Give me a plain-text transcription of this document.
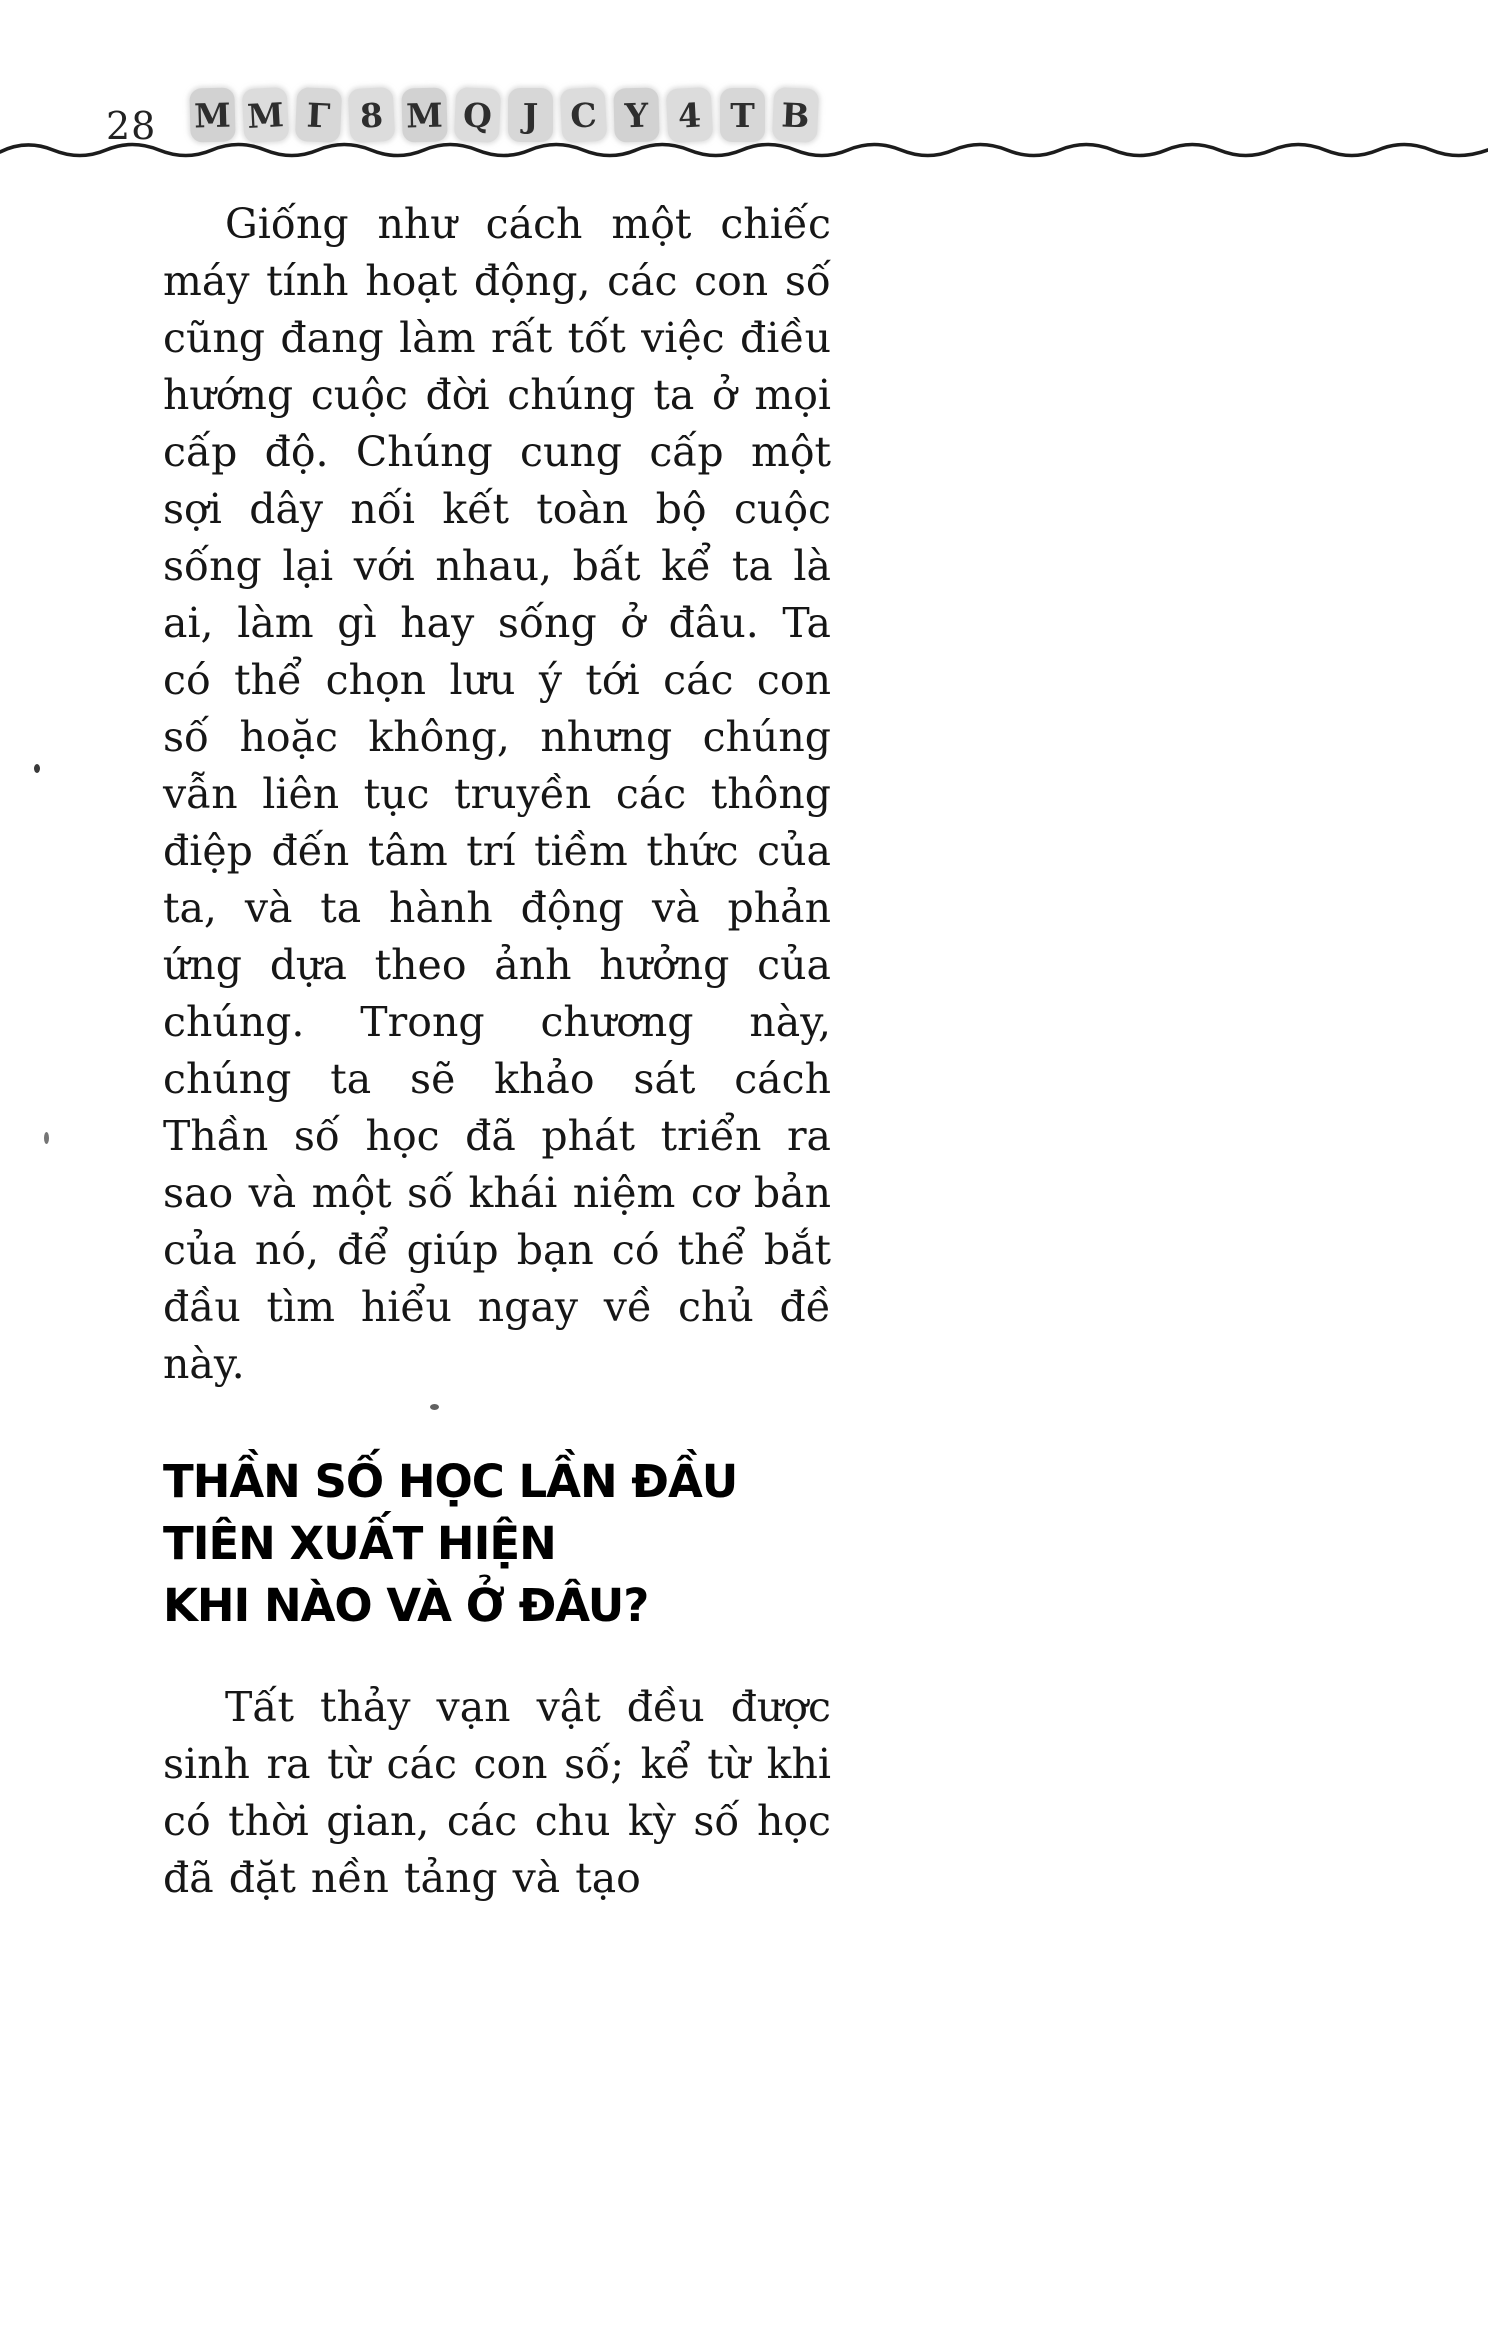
28 M M Γ 8 M Q J C Y 4 T B

Giống như cách một chiếc máy tính hoạt động, các con số cũng đang làm rất tốt việc điều hướng cuộc đời chúng ta ở mọi cấp độ. Chúng cung cấp một sợi dây nối kết toàn bộ cuộc sống lại với nhau, bất kể ta là ai, làm gì hay sống ở đâu. Ta có thể chọn lưu ý tới các con số hoặc không, nhưng chúng vẫn liên tục truyền các thông điệp đến tâm trí tiềm thức của ta, và ta hành động và phản ứng dựa theo ảnh hưởng của chúng. Trong chương này, chúng ta sẽ khảo sát cách Thần số học đã phát triển ra sao và một số khái niệm cơ bản của nó, để giúp bạn có thể bắt đầu tìm hiểu ngay về chủ đề này.

THẦN SỐ HỌC LẦN ĐẦU TIÊN XUẤT HIỆN
KHI NÀO VÀ Ở ĐÂU?

Tất thảy vạn vật đều được sinh ra từ các con số; kể từ khi có thời gian, các chu kỳ số học đã đặt nền tảng và tạo
